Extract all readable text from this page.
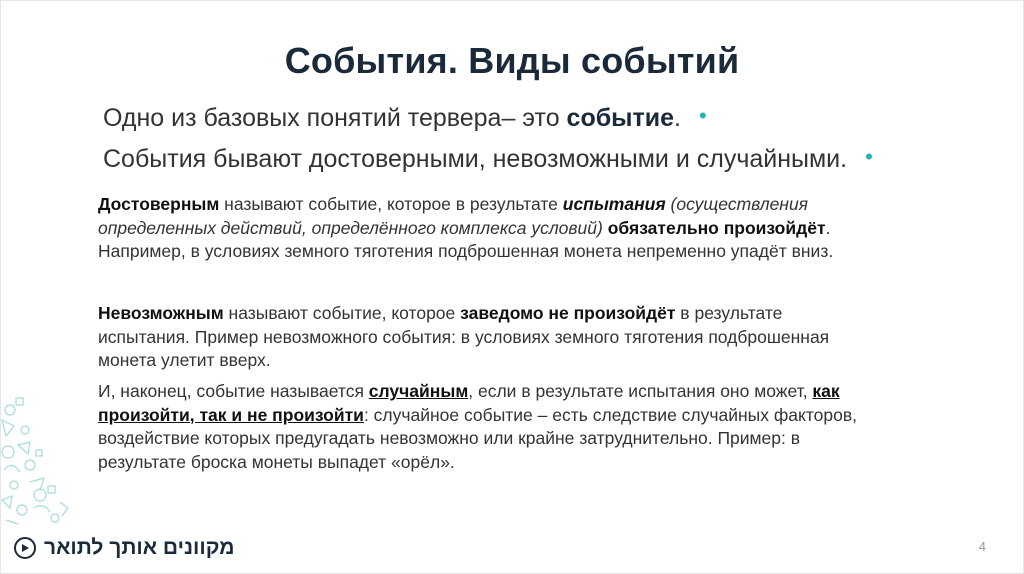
События. Виды событий
Одно из базовых понятий тервера– это событие. •
События бывают достоверными, невозможными и случайными. •
Достоверным называют событие, которое в результате испытания (осуществления определенных действий, определённого комплекса условий) обязательно произойдёт. Например, в условиях земного тяготения подброшенная монета непременно упадёт вниз.
Невозможным называют событие, которое заведомо не произойдёт в результате испытания. Пример невозможного события: в условиях земного тяготения подброшенная монета улетит вверх.
И, наконец, событие называется случайным, если в результате испытания оно может, как произойти, так и не произойти: случайное событие – есть следствие случайных факторов, воздействие которых предугадать невозможно или крайне затруднительно. Пример: в результате броска монеты выпадет «орёл».
מקוונים אותך לתואר	4
